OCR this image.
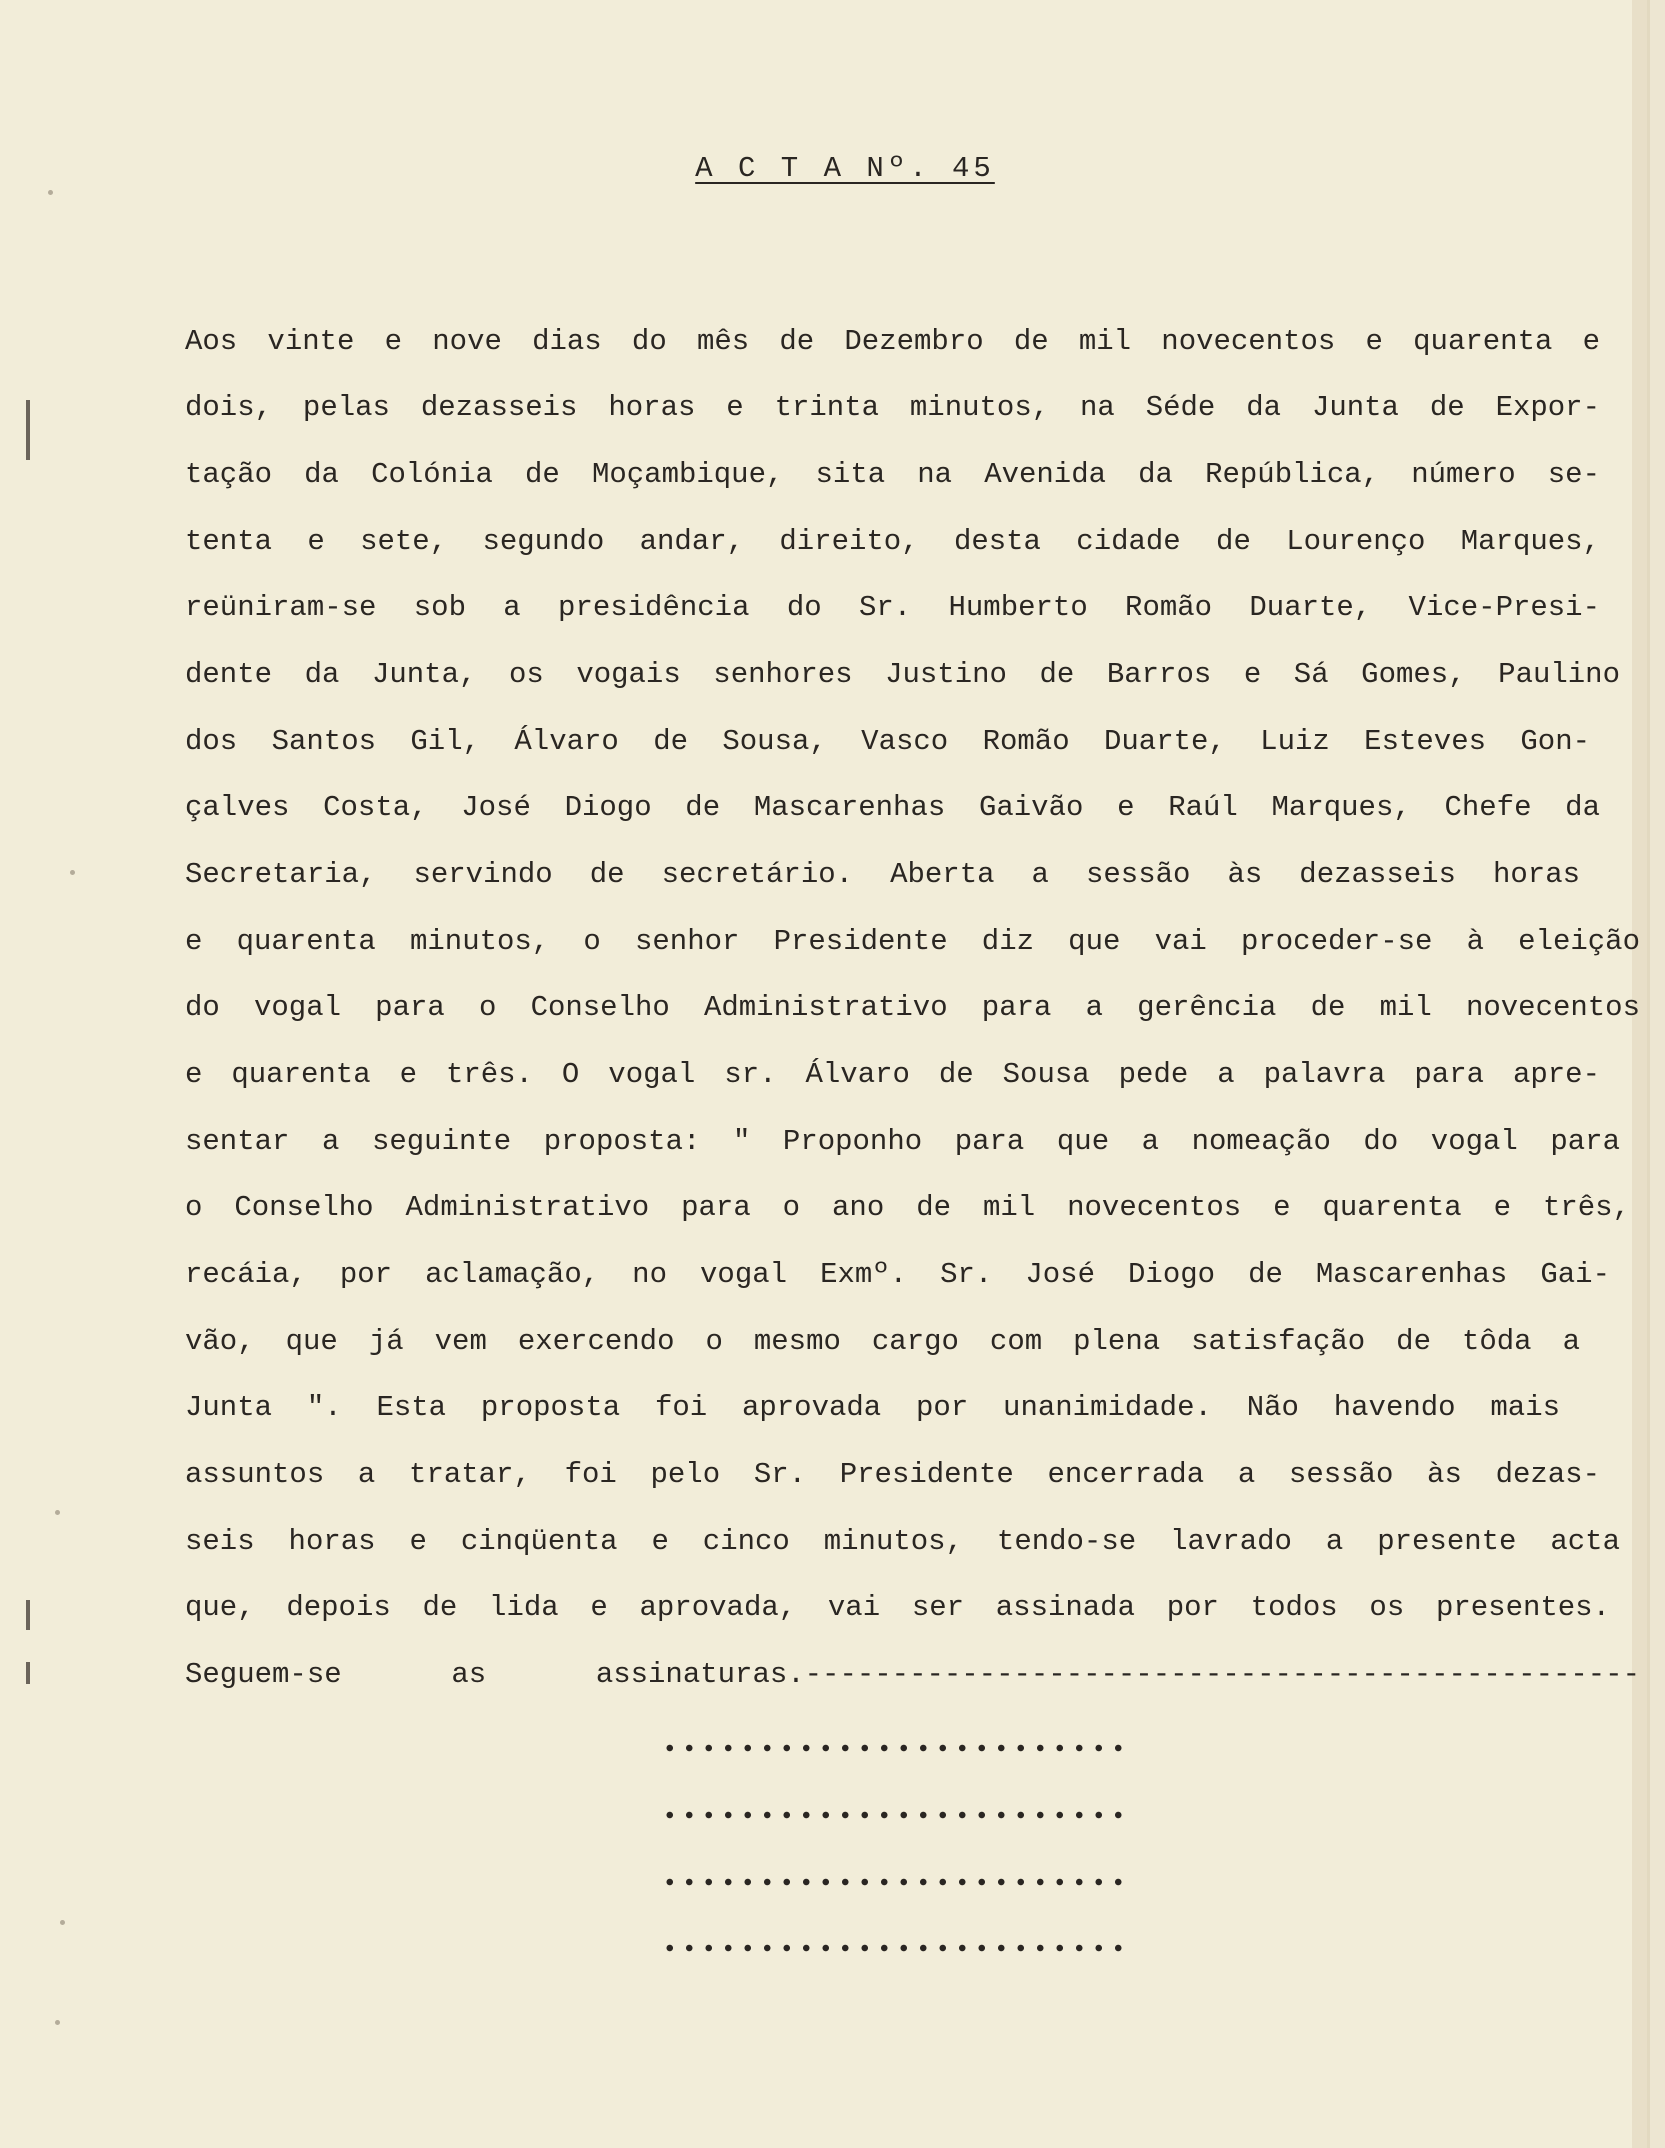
A C T A Nº. 45
Aos vinte e nove dias do mês de Dezembro de mil novecentos e quarenta e
dois, pelas dezasseis horas e trinta minutos, na Séde da Junta de Expor-
tação da Colónia de Moçambique, sita na Avenida da República, número se-
tenta e sete, segundo andar, direito, desta cidade de Lourenço Marques,
reüniram-se sob a presidência do Sr. Humberto Romão Duarte, Vice-Presi-
dente da Junta, os vogais senhores Justino de Barros e Sá Gomes, Paulino
dos Santos Gil, Álvaro de Sousa, Vasco Romão Duarte, Luiz Esteves Gon-
çalves Costa, José Diogo de Mascarenhas Gaivão e Raúl Marques, Chefe da
Secretaria, servindo de secretário. Aberta a sessão às dezasseis horas
e quarenta minutos, o senhor Presidente diz que vai proceder-se à eleição
do vogal para o Conselho Administrativo para a gerência de mil novecentos
e quarenta e três. O vogal sr. Álvaro de Sousa pede a palavra para apre-
sentar a seguinte proposta: " Proponho para que a nomeação do vogal para
o Conselho Administrativo para o ano de mil novecentos e quarenta e três,
recáia, por aclamação, no vogal Exmº. Sr. José Diogo de Mascarenhas Gai-
vão, que já vem exercendo o mesmo cargo com plena satisfação de tôda a
Junta ". Esta proposta foi aprovada por unanimidade. Não havendo mais
assuntos a tratar, foi pelo Sr. Presidente encerrada a sessão às dezas-
seis horas e cinqüenta e cinco minutos, tendo-se lavrado a presente acta
que, depois de lida e aprovada, vai ser assinada por todos os presentes.
Seguem-se as assinaturas.------------------------------------------------
